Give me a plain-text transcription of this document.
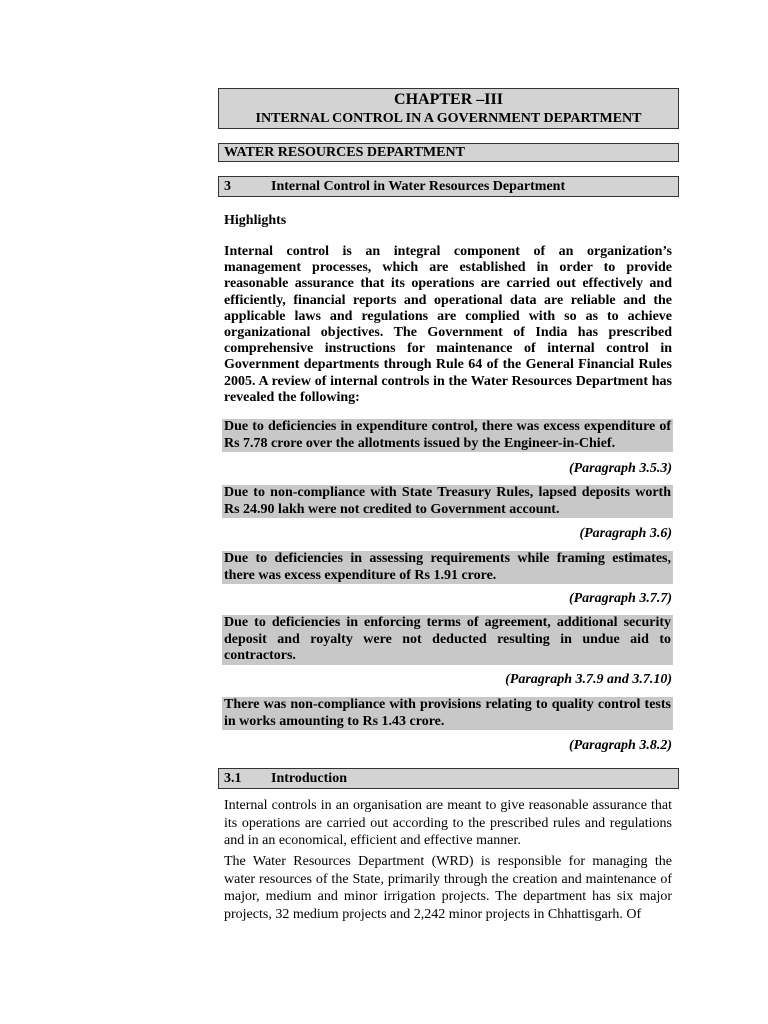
CHAPTER –III
INTERNAL CONTROL IN A GOVERNMENT DEPARTMENT
WATER RESOURCES DEPARTMENT
3	Internal Control in Water Resources Department
Highlights
Internal control is an integral component of an organization’s management processes, which are established in order to provide reasonable assurance that its operations are carried out effectively and efficiently, financial reports and operational data are reliable and the applicable laws and regulations are complied with so as to achieve organizational objectives. The Government of India has prescribed comprehensive instructions for maintenance of internal control in Government departments through Rule 64 of the General Financial Rules 2005. A review of internal controls in the Water Resources Department has revealed the following:
Due to deficiencies in expenditure control, there was excess expenditure of Rs 7.78 crore over the allotments issued by the Engineer-in-Chief.
(Paragraph 3.5.3)
Due to non-compliance with State Treasury Rules, lapsed deposits worth Rs 24.90 lakh were not credited to Government account.
(Paragraph 3.6)
Due to deficiencies in assessing requirements while framing estimates, there was excess expenditure of Rs 1.91 crore.
(Paragraph 3.7.7)
Due to deficiencies in enforcing terms of agreement, additional security deposit and royalty were not deducted resulting in undue aid to contractors.
(Paragraph 3.7.9 and 3.7.10)
There was non-compliance with provisions relating to quality control tests in works amounting to Rs 1.43 crore.
(Paragraph 3.8.2)
3.1 Introduction
Internal controls in an organisation are meant to give reasonable assurance that its operations are carried out according to the prescribed rules and regulations and in an economical, efficient and effective manner.
The Water Resources Department (WRD) is responsible for managing the water resources of the State, primarily through the creation and maintenance of major, medium and minor irrigation projects. The department has six major projects, 32 medium projects and 2,242 minor projects in Chhattisgarh. Of
